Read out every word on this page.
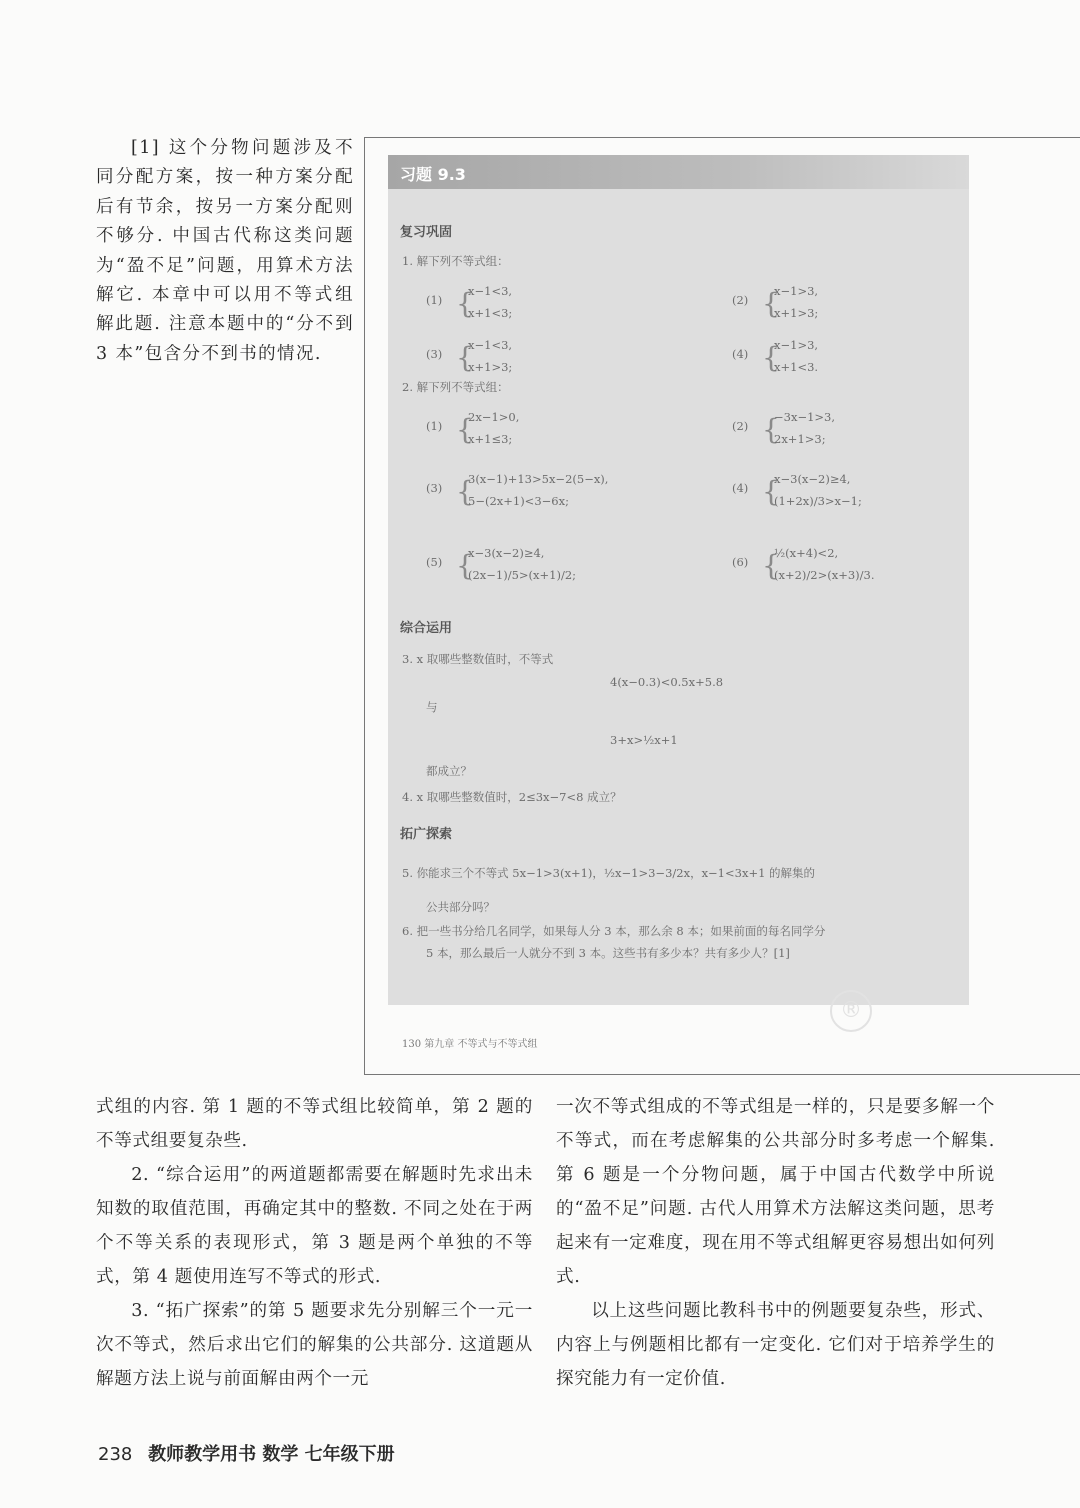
[1] 这个分物问题涉及不同分配方案，按一种方案分配后有节余，按另一方案分配则不够分. 中国古代称这类问题为“盈不足”问题，用算术方法解它. 本章中可以用不等式组解此题. 注意本题中的“分不到 3 本”包含分不到书的情况.

习题 9.3
复习巩固
1. 解下列不等式组：
(1) {
x−1<3,
x+1<3;
(2) {
x−1>3,
x+1>3;
(3) {
x−1<3,
x+1>3;
(4) {
x−1>3,
x+1<3.
2. 解下列不等式组：
(1) {
2x−1>0,
x+1≤3;
(2) {
−3x−1>3,
2x+1>3;
(3) {
3(x−1)+13>5x−2(5−x),
5−(2x+1)<3−6x;
(4) {
x−3(x−2)≥4,
(1+2x)/3>x−1;
(5) {
x−3(x−2)≥4,
(2x−1)/5>(x+1)/2;
(6) {
½(x+4)<2,
(x+2)/2>(x+3)/3.
综合运用
3. x 取哪些整数值时，不等式
4(x−0.3)<0.5x+5.8
与
3+x>½x+1
都成立？
4. x 取哪些整数值时，2≤3x−7<8 成立？
拓广探索
5. 你能求三个不等式 5x−1>3(x+1)，½x−1>3−3/2x，x−1<3x+1 的解集的
公共部分吗？
6. 把一些书分给几名同学，如果每人分 3 本，那么余 8 本；如果前面的每名同学分
5 本，那么最后一人就分不到 3 本。这些书有多少本？共有多少人？[1]
130 第九章 不等式与不等式组
®

式组的内容. 第 1 题的不等式组比较简单，第 2 题的不等式组要复杂些.

2. “综合运用”的两道题都需要在解题时先求出未知数的取值范围，再确定其中的整数. 不同之处在于两个不等关系的表现形式，第 3 题是两个单独的不等式，第 4 题使用连写不等式的形式.

3. “拓广探索”的第 5 题要求先分别解三个一元一次不等式，然后求出它们的解集的公共部分. 这道题从解题方法上说与前面解由两个一元

一次不等式组成的不等式组是一样的，只是要多解一个不等式，而在考虑解集的公共部分时多考虑一个解集. 第 6 题是一个分物问题，属于中国古代数学中所说的“盈不足”问题. 古代人用算术方法解这类问题，思考起来有一定难度，现在用不等式组解更容易想出如何列式.

以上这些问题比教科书中的例题要复杂些，形式、内容上与例题相比都有一定变化. 它们对于培养学生的探究能力有一定价值.

238 教师教学用书 数学 七年级下册
